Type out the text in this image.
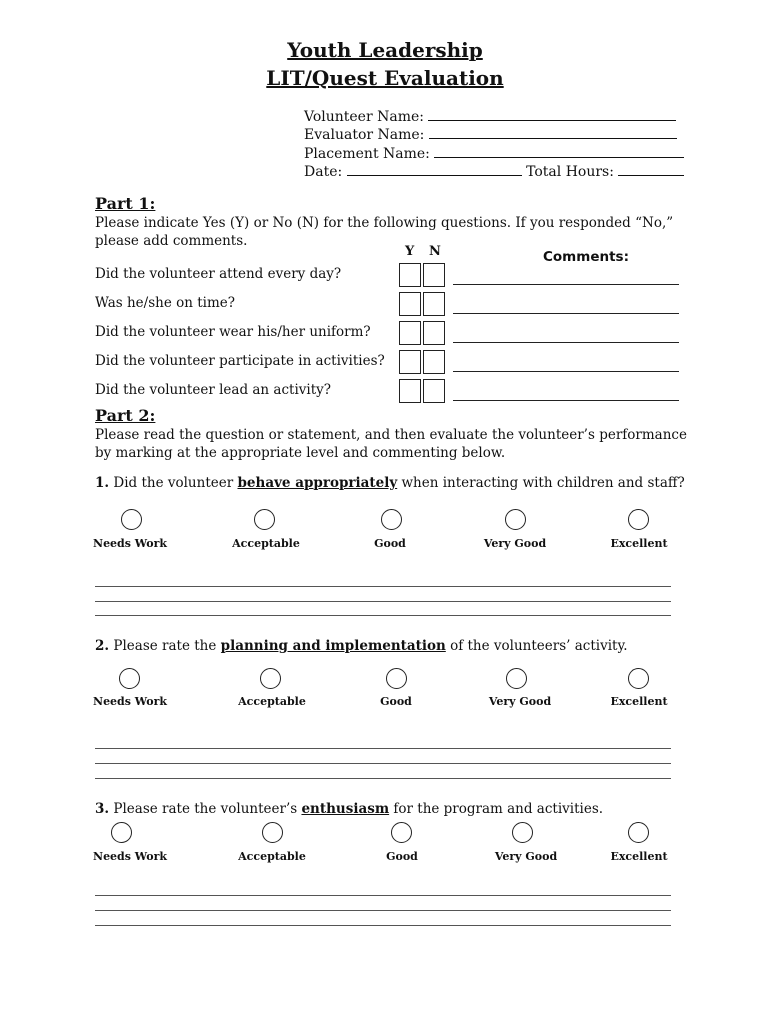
Youth Leadership
LIT/Quest Evaluation
Volunteer Name:
Evaluator Name:
Placement Name:
Date:	Total Hours:
Part 1:
Please indicate Yes (Y) or No (N) for the following questions. If you responded “No,”
please add comments.
Y N	Comments:
Did the volunteer attend every day?
Was he/she on time?
Did the volunteer wear his/her uniform?
Did the volunteer participate in activities?
Did the volunteer lead an activity?
Part 2:
Please read the question or statement, and then evaluate the volunteer’s performance
by marking at the appropriate level and commenting below.
1. Did the volunteer behave appropriately when interacting with children and staff?
Needs Work	Acceptable	Good	Very Good	Excellent
2. Please rate the planning and implementation of the volunteers’ activity.
Needs Work	Acceptable	Good	Very Good	Excellent
3. Please rate the volunteer’s enthusiasm for the program and activities.
Needs Work	Acceptable	Good	Very Good	Excellent
